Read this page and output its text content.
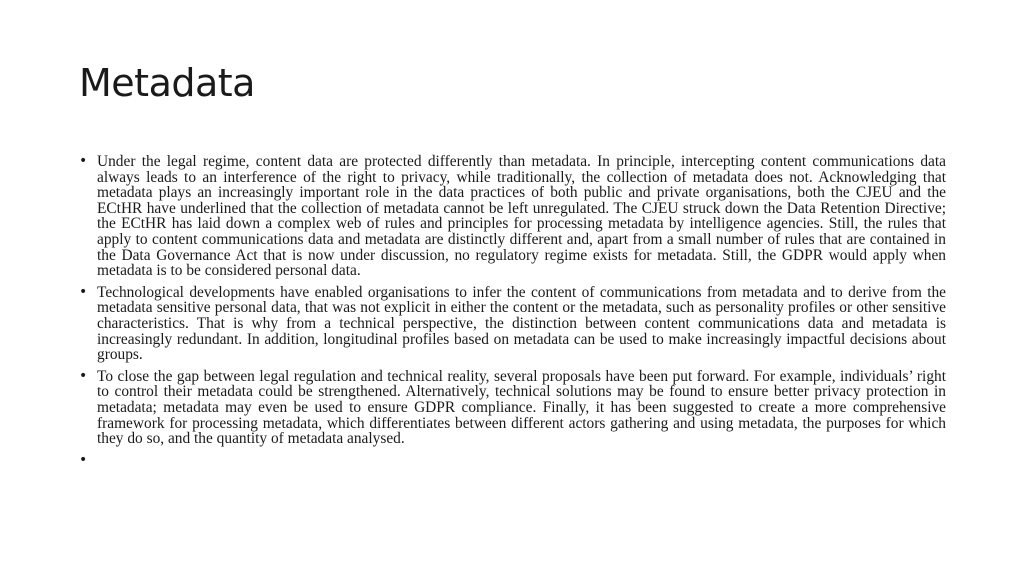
Metadata
• Under the legal regime, content data are protected differently than metadata. In principle, intercepting content communications data always leads to an interference of the right to privacy, while traditionally, the collection of metadata does not. Acknowledging that metadata plays an increasingly important role in the data practices of both public and private organisations, both the CJEU and the ECtHR have underlined that the collection of metadata cannot be left unregulated. The CJEU struck down the Data Retention Directive; the ECtHR has laid down a complex web of rules and principles for processing metadata by intelligence agencies. Still, the rules that apply to content communications data and metadata are distinctly different and, apart from a small number of rules that are contained in the Data Governance Act that is now under discussion, no regulatory regime exists for metadata. Still, the GDPR would apply when metadata is to be considered personal data.
• Technological developments have enabled organisations to infer the content of communications from metadata and to derive from the metadata sensitive personal data, that was not explicit in either the content or the metadata, such as personality profiles or other sensitive characteristics. That is why from a technical perspective, the distinction between content communications data and metadata is increasingly redundant. In addition, longitudinal profiles based on metadata can be used to make increasingly impactful decisions about groups.
• To close the gap between legal regulation and technical reality, several proposals have been put forward. For example, individuals’ right to control their metadata could be strengthened. Alternatively, technical solutions may be found to ensure better privacy protection in metadata; metadata may even be used to ensure GDPR compliance. Finally, it has been suggested to create a more comprehensive framework for processing metadata, which differentiates between different actors gathering and using metadata, the purposes for which they do so, and the quantity of metadata analysed.
•
